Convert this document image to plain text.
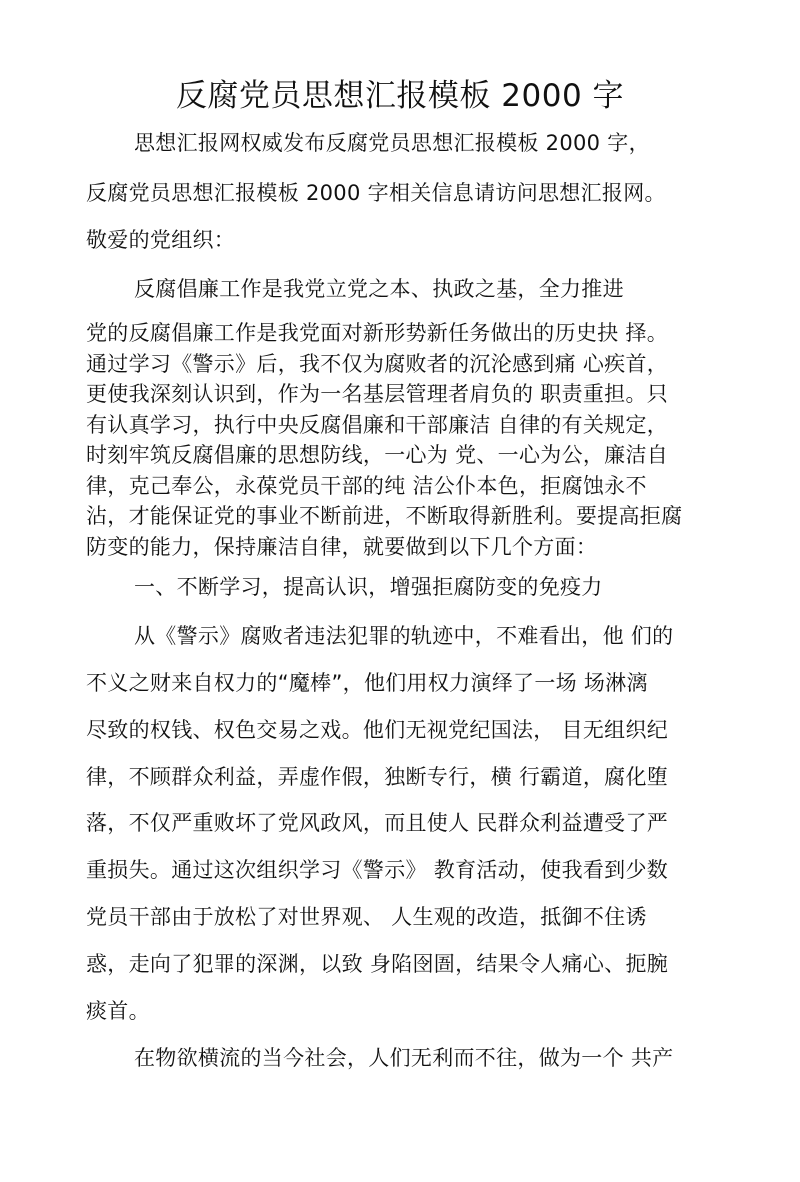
反腐党员思想汇报模板 2000 字
思想汇报网权威发布反腐党员思想汇报模板 2000 字，
反腐党员思想汇报模板 2000 字相关信息请访问思想汇报网。
敬爱的党组织：
反腐倡廉工作是我党立党之本、执政之基，全力推进
党的反腐倡廉工作是我党面对新形势新任务做出的历史抉 择。
通过学习《警示》后，我不仅为腐败者的沉沦感到痛 心疾首，
更使我深刻认识到，作为一名基层管理者肩负的 职责重担。只
有认真学习，执行中央反腐倡廉和干部廉洁 自律的有关规定，
时刻牢筑反腐倡廉的思想防线，一心为 党、一心为公，廉洁自
律，克己奉公，永葆党员干部的纯 洁公仆本色，拒腐蚀永不
沾，才能保证党的事业不断前进，不断取得新胜利。要提高拒腐
防变的能力，保持廉洁自律，就要做到以下几个方面：
一、不断学习，提高认识，增强拒腐防变的免疫力
从《警示》腐败者违法犯罪的轨迹中，不难看出，他 们的
不义之财来自权力的“魔棒”，他们用权力演绎了一场 场淋漓
尽致的权钱、权色交易之戏。他们无视党纪国法， 目无组织纪
律，不顾群众利益，弄虚作假，独断专行，横 行霸道，腐化堕
落，不仅严重败坏了党风政风，而且使人 民群众利益遭受了严
重损失。通过这次组织学习《警示》 教育活动，使我看到少数
党员干部由于放松了对世界观、 人生观的改造，抵御不住诱
惑，走向了犯罪的深渊，以致 身陷囹圄，结果令人痛心、扼腕
痰首。
在物欲横流的当今社会，人们无利而不往，做为一个 共产
